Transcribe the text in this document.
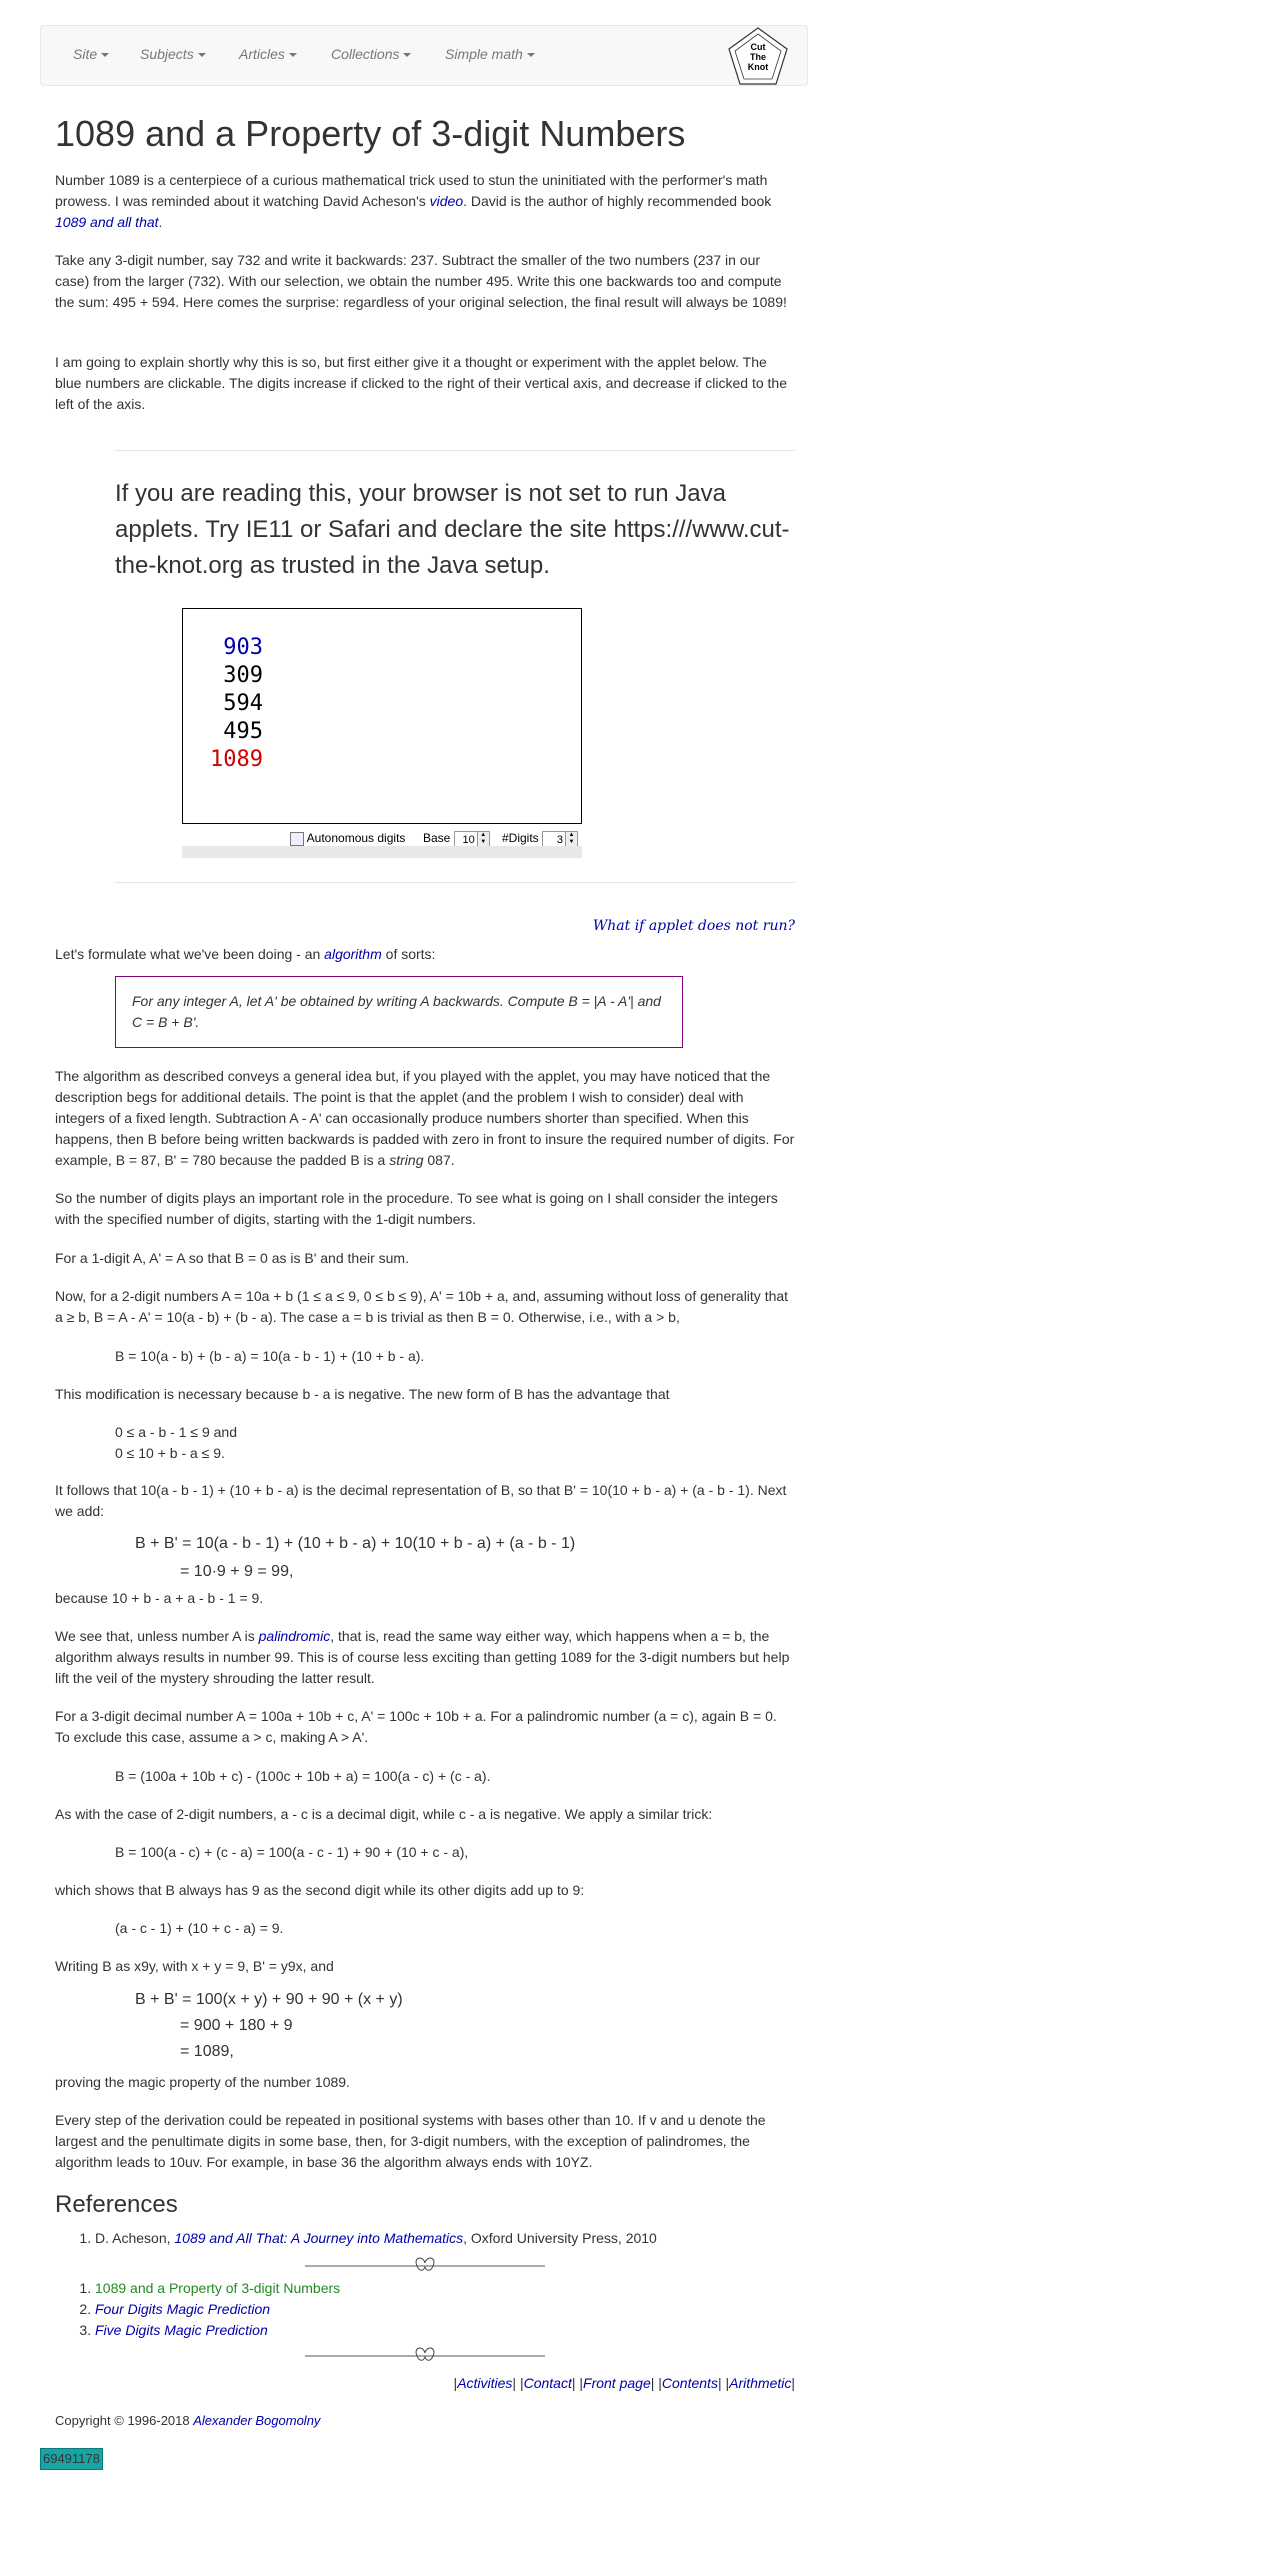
Site	Subjects	Articles	Collections	Simple math	Cut
The
Knot
1089 and a Property of 3-digit Numbers

Number 1089 is a centerpiece of a curious mathematical trick used to stun the uninitiated with the performer's math prowess. I was reminded about it watching David Acheson's video. David is the author of highly recommended book 1089 and all that.

Take any 3-digit number, say 732 and write it backwards: 237. Subtract the smaller of the two numbers (237 in our case) from the larger (732). With our selection, we obtain the number 495. Write this one backwards too and compute the sum: 495 + 594. Here comes the surprise: regardless of your original selection, the final result will always be 1089!

I am going to explain shortly why this is so, but first either give it a thought or experiment with the applet below. The blue numbers are clickable. The digits increase if clicked to the right of their vertical axis, and decrease if clicked to the left of the axis.

If you are reading this, your browser is not set to run Java applets. Try IE11 or Safari and declare the site https:///www.cut-the-knot.org as trusted in the Java setup.
903
309
594
495
1089
Autonomous digits Base 10 ▲
▼ #Digits 3 ▲
▼
What if applet does not run?

Let's formulate what we've been doing - an algorithm of sorts:

For any integer A, let A' be obtained by writing A backwards. Compute B = |A - A'| and C = B + B'.

The algorithm as described conveys a general idea but, if you played with the applet, you may have noticed that the description begs for additional details. The point is that the applet (and the problem I wish to consider) deal with integers of a fixed length. Subtraction A - A' can occasionally produce numbers shorter than specified. When this happens, then B before being written backwards is padded with zero in front to insure the required number of digits. For example, B = 87, B' = 780 because the padded B is a string 087.

So the number of digits plays an important role in the procedure. To see what is going on I shall consider the integers with the specified number of digits, starting with the 1-digit numbers.

For a 1-digit A, A' = A so that B = 0 as is B' and their sum.

Now, for a 2-digit numbers A = 10a + b (1 ≤ a ≤ 9, 0 ≤ b ≤ 9), A' = 10b + a, and, assuming without loss of generality that a ≥ b, B = A - A' = 10(a - b) + (b - a). The case a = b is trivial as then B = 0. Otherwise, i.e., with a > b,

B = 10(a - b) + (b - a) = 10(a - b - 1) + (10 + b - a).

This modification is necessary because b - a is negative. The new form of B has the advantage that

0 ≤ a - b - 1 ≤ 9 and

0 ≤ 10 + b - a ≤ 9.

It follows that 10(a - b - 1) + (10 + b - a) is the decimal representation of B, so that B' = 10(10 + b - a) + (a - b - 1). Next we add:

B + B' = 10(a - b - 1) + (10 + b - a) + 10(10 + b - a) + (a - b - 1)
= 10·9 + 9 = 99,

because 10 + b - a + a - b - 1 = 9.

We see that, unless number A is palindromic, that is, read the same way either way, which happens when a = b, the algorithm always results in number 99. This is of course less exciting than getting 1089 for the 3-digit numbers but help lift the veil of the mystery shrouding the latter result.

For a 3-digit decimal number A = 100a + 10b + c, A' = 100c + 10b + a. For a palindromic number (a = c), again B = 0. To exclude this case, assume a > c, making A > A'.

B = (100a + 10b + c) - (100c + 10b + a) = 100(a - c) + (c - a).

As with the case of 2-digit numbers, a - c is a decimal digit, while c - a is negative. We apply a similar trick:

B = 100(a - c) + (c - a) = 100(a - c - 1) + 90 + (10 + c - a),

which shows that B always has 9 as the second digit while its other digits add up to 9:

(a - c - 1) + (10 + c - a) = 9.

Writing B as x9y, with x + y = 9, B' = y9x, and

B + B' = 100(x + y) + 90 + 90 + (x + y)
= 900 + 180 + 9
= 1089,

proving the magic property of the number 1089.

Every step of the derivation could be repeated in positional systems with bases other than 10. If v and u denote the largest and the penultimate digits in some base, then, for 3-digit numbers, with the exception of palindromes, the algorithm leads to 10uv. For example, in base 36 the algorithm always ends with 10YZ.

References
1. D. Acheson, 1089 and All That: A Journey into Mathematics, Oxford University Press, 2010
1. 1089 and a Property of 3-digit Numbers
2. Four Digits Magic Prediction
3. Five Digits Magic Prediction
|Activities| |Contact| |Front page| |Contents| |Arithmetic|

Copyright © 1996-2018 Alexander Bogomolny

69491178
